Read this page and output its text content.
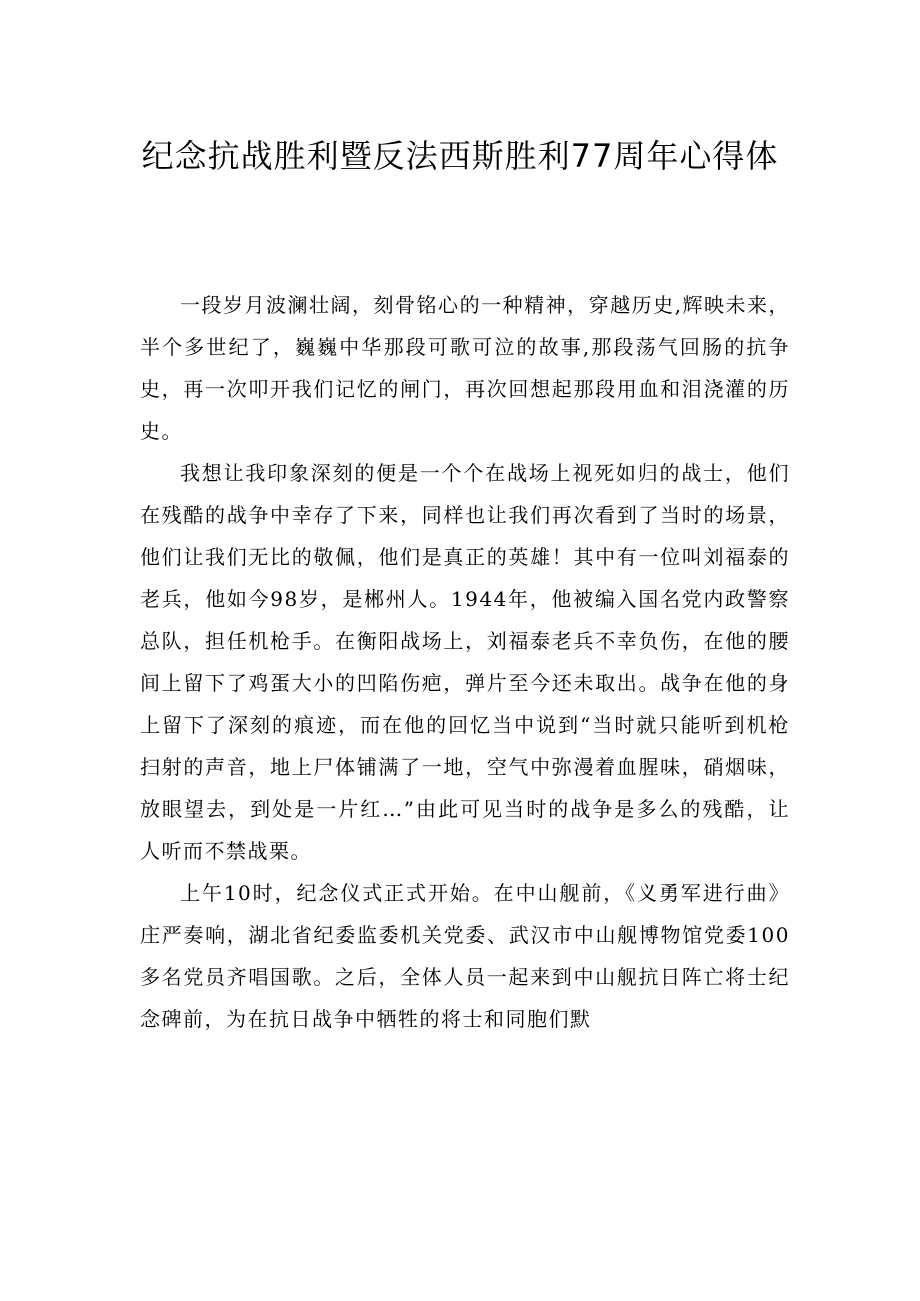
纪念抗战胜利暨反法西斯胜利77周年心得体

一段岁月波澜壮阔，刻骨铭心的一种精神，穿越历史,辉映未来，半个多世纪了，巍巍中华那段可歌可泣的故事,那段荡气回肠的抗争史，再一次叩开我们记忆的闸门，再次回想起那段用血和泪浇灌的历史。

我想让我印象深刻的便是一个个在战场上视死如归的战士，他们在残酷的战争中幸存了下来，同样也让我们再次看到了当时的场景，他们让我们无比的敬佩，他们是真正的英雄！其中有一位叫刘福泰的老兵，他如今98岁，是郴州人。1944年，他被编入国名党内政警察总队，担任机枪手。在衡阳战场上，刘福泰老兵不幸负伤，在他的腰间上留下了鸡蛋大小的凹陷伤疤，弹片至今还未取出。战争在他的身上留下了深刻的痕迹，而在他的回忆当中说到“当时就只能听到机枪扫射的声音，地上尸体铺满了一地，空气中弥漫着血腥味，硝烟味，放眼望去，到处是一片红…”由此可见当时的战争是多么的残酷，让人听而不禁战栗。

上午10时，纪念仪式正式开始。在中山舰前，《义勇军进行曲》庄严奏响，湖北省纪委监委机关党委、武汉市中山舰博物馆党委100多名党员齐唱国歌。之后，全体人员一起来到中山舰抗日阵亡将士纪念碑前，为在抗日战争中牺牲的将士和同胞们默
